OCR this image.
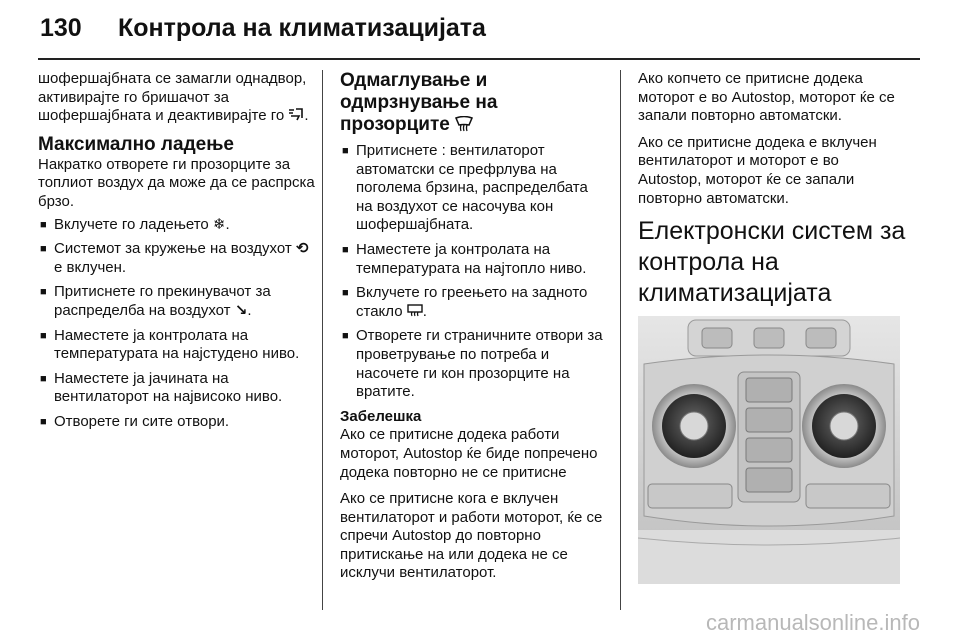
130 Контрола на климатизацијата

шофершајбната се замагли однадвор, активирајте го бришачот за шофершајбната и деактивирајте го .

Максимално ладење

Накратко отворете ги прозорците за топлиот воздух да може да се распрска брзо.

■ Вклучете го ладењето ❄.
■ Системот за кружење на воздухот ⟲ е вклучен.
■ Притиснете го прекинувачот за распределба на воздухот ↘.
■ Наместете ја контролата на температурата на најстудено ниво.
■ Наместете ја јачината на вентилаторот на највисоко ниво.
■ Отворете ги сите отвори.
Одмаглување и одмрзнување на прозорците
■ Притиснете : вентилаторот автоматски се префрлува на поголема брзина, распределбата на воздухот се насочува кон шофершајбната.
■ Наместете ја контролата на температурата на најтопло ниво.
■ Вклучете го греењето на задното стакло .
■ Отворете ги страничните отвори за проветрување по потреба и насочете ги кон прозорците на вратите.
Забелешка

Ако се притисне додека работи моторот, Autostop ќе биде попречено додека повторно не се притисне

Ако се притисне кога е вклучен вентилаторот и работи моторот, ќе се спречи Autostop до повторно притискање на или додека не се исклучи вентилаторот.

Ако копчето се притисне додека моторот е во Autostop, моторот ќе се запали повторно автоматски.

Ако се притисне додека е вклучен вентилаторот и моторот е во Autostop, моторот ќе се запали повторно автоматски.

Електронски систем за контрола на климатизацијата
carmanualsonline.info
